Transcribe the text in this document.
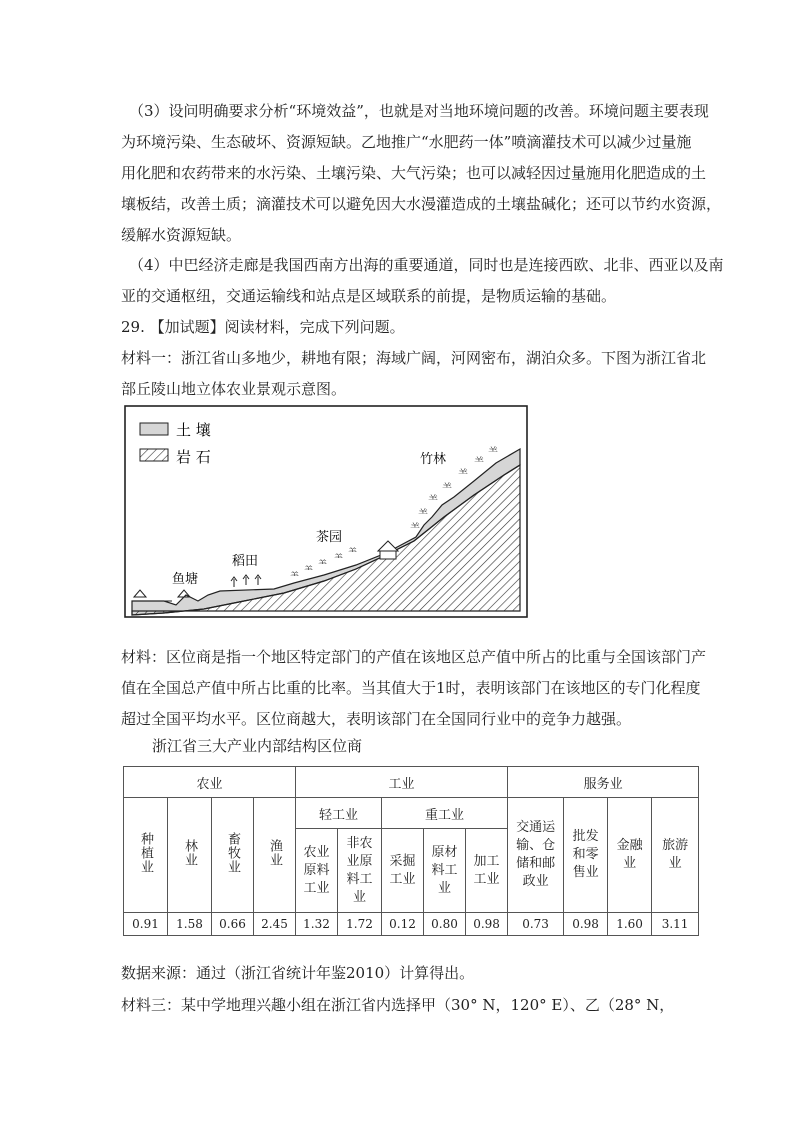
（3）设问明确要求分析“环境效益”，也就是对当地环境问题的改善。环境问题主要表现
为环境污染、生态破坏、资源短缺。乙地推广“水肥药一体”喷滴灌技术可以减少过量施
用化肥和农药带来的水污染、土壤污染、大气污染；也可以减轻因过量施用化肥造成的土
壤板结，改善土质；滴灌技术可以避免因大水漫灌造成的土壤盐碱化；还可以节约水资源，
缓解水资源短缺。
（4）中巴经济走廊是我国西南方出海的重要通道，同时也是连接西欧、北非、西亚以及南
亚的交通枢纽，交通运输线和站点是区域联系的前提，是物质运输的基础。
29. 【加试题】阅读材料，完成下列问题。
材料一：浙江省山多地少，耕地有限；海域广阔，河网密布，湖泊众多。下图为浙江省北
部丘陵山地立体农业景观示意图。
土 壤
岩 石
鱼塘
稻田
茶园
竹林
⺷
⺷
⺷
⺷
⺷
⺷
⺷
⺷
⺷
⺷
⺷
⺷
材料：区位商是指一个地区特定部门的产值在该地区总产值中所占的比重与全国该部门产
值在全国总产值中所占比重的比率。当其值大于1时，表明该部门在该地区的专门化程度
超过全国平均水平。区位商越大，表明该部门在全国同行业中的竞争力越强。
浙江省三大产业内部结构区位商
农业				工业					服务业			
种植业	林业	畜牧业	渔业	轻工业		重工业			交通运输、仓储和邮政业	批发和零售业	金融业	旅游业
				农业原料工业	非农业原料工业	采掘工业	原材料工业	加工工业				
0.91	1.58	0.66	2.45	1.32	1.72	0.12	0.80	0.98	0.73	0.98	1.60	3.11
数据来源：通过（浙江省统计年鉴2010）计算得出。
材料三：某中学地理兴趣小组在浙江省内选择甲（30° N，120° E）、乙（28° N，
